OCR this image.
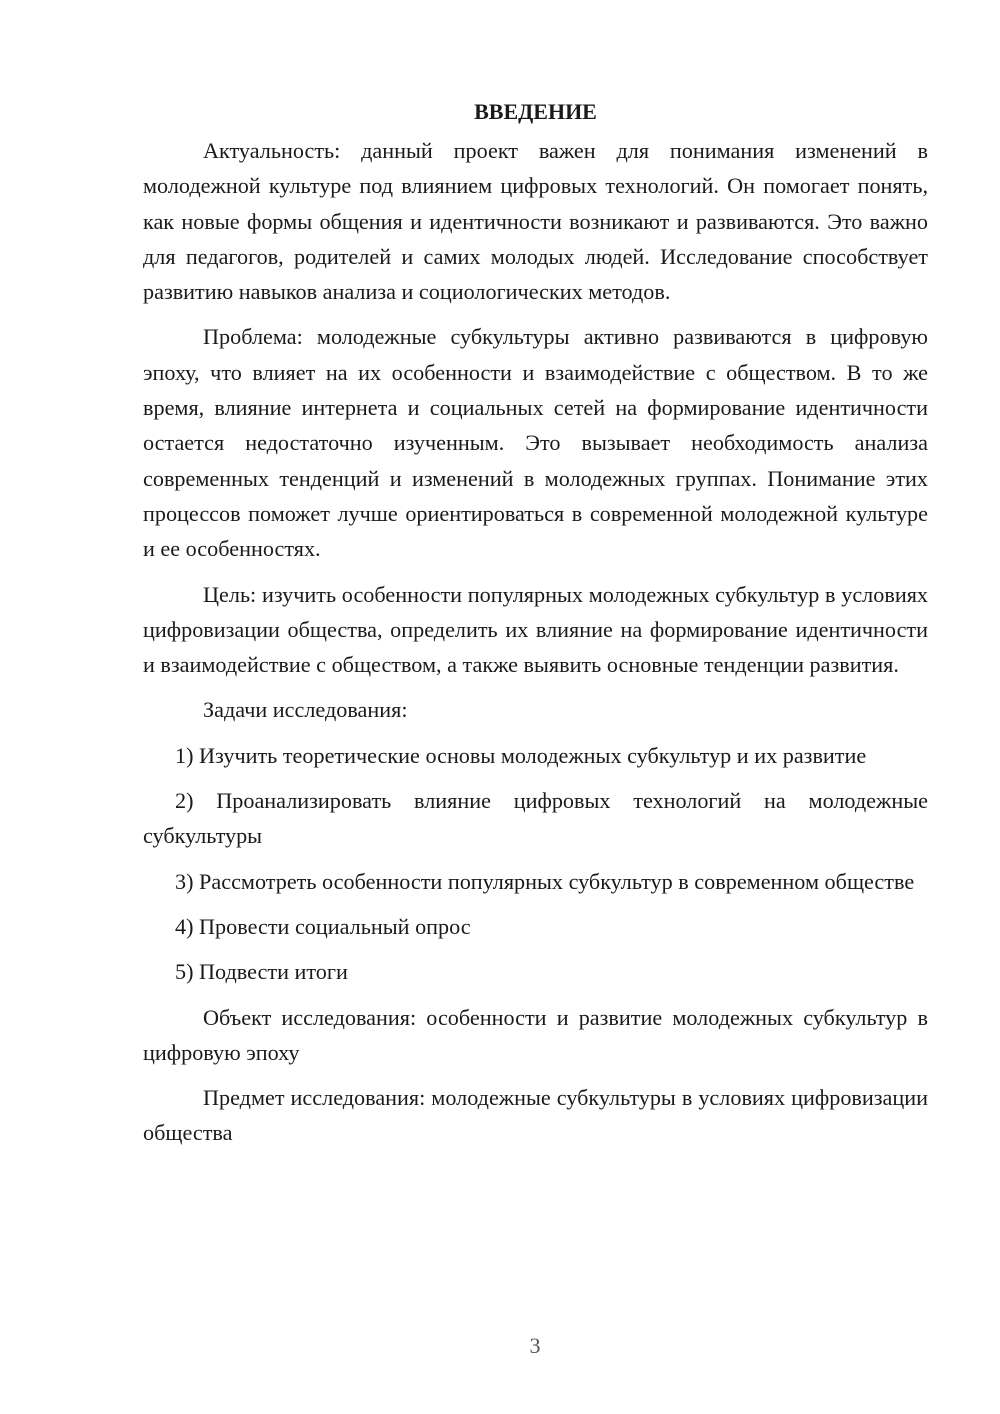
ВВЕДЕНИЕ

Актуальность: данный проект важен для понимания изменений в молодежной культуре под влиянием цифровых технологий. Он помогает понять, как новые формы общения и идентичности возникают и развиваются. Это важно для педагогов, родителей и самих молодых людей. Исследование способствует развитию навыков анализа и социологических методов.

Проблема: молодежные субкультуры активно развиваются в цифровую эпоху, что влияет на их особенности и взаимодействие с обществом. В то же время, влияние интернета и социальных сетей на формирование идентичности остается недостаточно изученным. Это вызывает необходимость анализа современных тенденций и изменений в молодежных группах. Понимание этих процессов поможет лучше ориентироваться в современной молодежной культуре и ее особенностях.

Цель: изучить особенности популярных молодежных субкультур в условиях цифровизации общества, определить их влияние на формирование идентичности и взаимодействие с обществом, а также выявить основные тенденции развития.

Задачи исследования:

1) Изучить теоретические основы молодежных субкультур и их развитие

2) Проанализировать влияние цифровых технологий на молодежные субкультуры

3) Рассмотреть особенности популярных субкультур в современном обществе

4) Провести социальный опрос

5) Подвести итоги

Объект исследования: особенности и развитие молодежных субкультур в цифровую эпоху

Предмет исследования: молодежные субкультуры в условиях цифровизации общества

3
